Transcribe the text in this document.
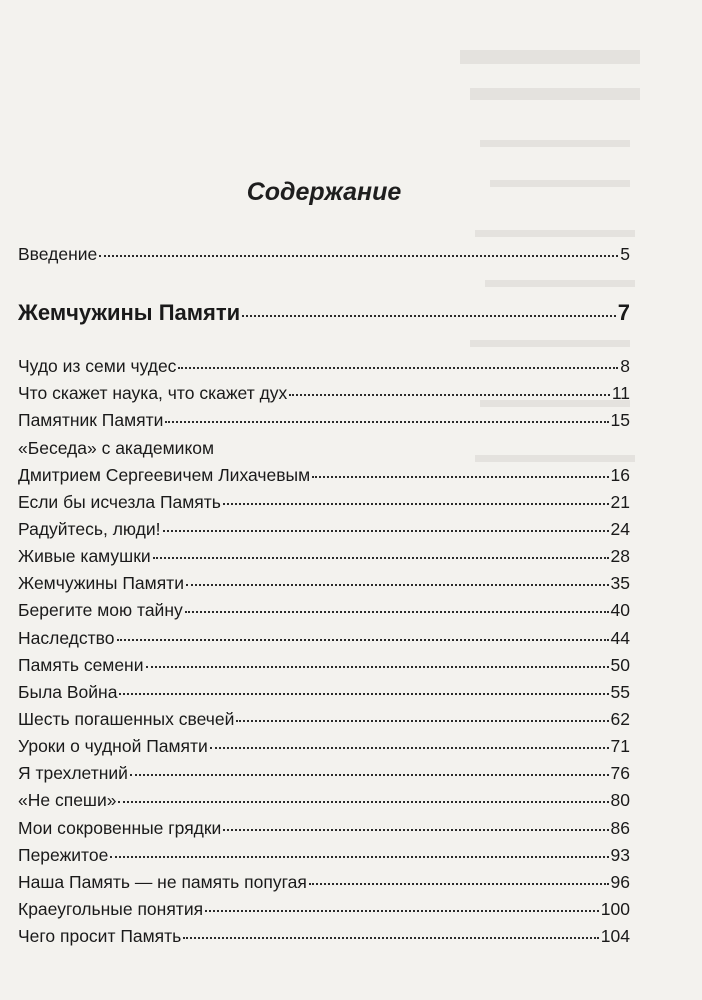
Содержание
Введение	5
Жемчужины Памяти	7
Чудо из семи чудес	8
Что скажет наука, что скажет дух	11
Памятник Памяти	15
«Беседа» с академиком
Дмитрием Сергеевичем Лихачевым	16
Если бы исчезла Память	21
Радуйтесь, люди!	24
Живые камушки	28
Жемчужины Памяти	35
Берегите мою тайну	40
Наследство	44
Память семени	50
Была Война	55
Шесть погашенных свечей	62
Уроки о чудной Памяти	71
Я трехлетний	76
«Не спеши»	80
Мои сокровенные грядки	86
Пережитое	93
Наша Память — не память попугая	96
Краеугольные понятия	100
Чего просит Память	104
